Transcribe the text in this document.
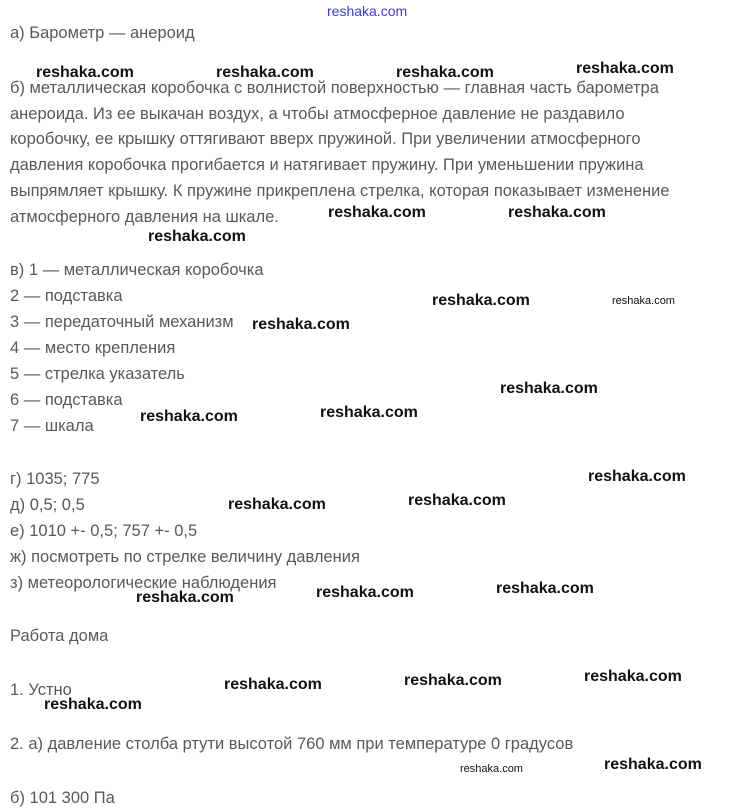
reshaka.com
а) Барометр — анероид
б) металлическая коробочка с волнистой поверхностью — главная часть барометра
анероида. Из ее выкачан воздух, а чтобы атмосферное давление не раздавило
коробочку, ее крышку оттягивают вверх пружиной. При увеличении атмосферного
давления коробочка прогибается и натягивает пружину. При уменьшении пружина
выпрямляет крышку. К пружине прикреплена стрелка, которая показывает изменение
атмосферного давления на шкале.
в) 1 — металлическая коробочка
2 — подставка
3 — передаточный механизм
4 — место крепления
5 — стрелка указатель
6 — подставка
7 — шкала
г) 1035; 775
д) 0,5; 0,5
е) 1010 +- 0,5; 757 +- 0,5
ж) посмотреть по стрелке величину давления
з) метеорологические наблюдения
Работа дома
1. Устно
2. а) давление столба ртути высотой 760 мм при температуре 0 градусов
б) 101 300 Па
reshaka.com	reshaka.com	reshaka.com	reshaka.com
reshaka.com	reshaka.com
reshaka.com
reshaka.com	reshaka.com
reshaka.com
reshaka.com
reshaka.com
reshaka.com
reshaka.com
reshaka.com
reshaka.com
reshaka.com
reshaka.com
reshaka.com
reshaka.com
reshaka.com
reshaka.com
reshaka.com
reshaka.com	reshaka.com
